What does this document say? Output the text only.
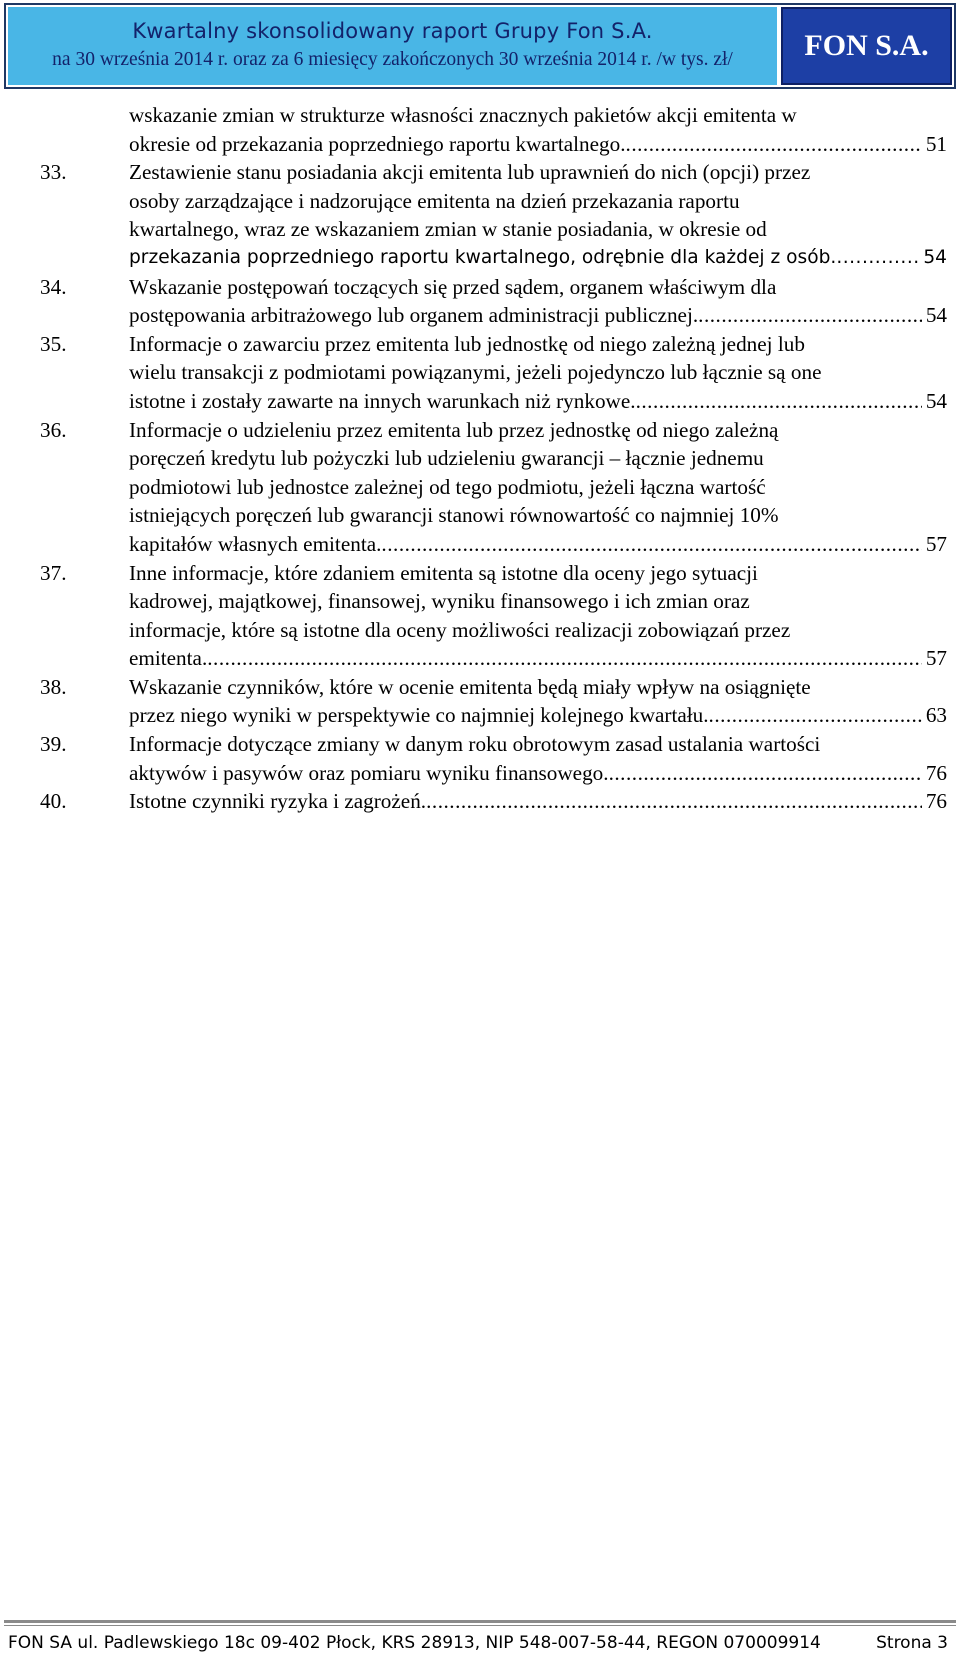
Kwartalny skonsolidowany raport Grupy Fon S.A.
na 30 września 2014 r. oraz za 6 miesięcy zakończonych 30 września 2014 r. /w tys. zł/	FON S.A.
wskazanie zmian w strukturze własności znacznych pakietów akcji emitenta w
okresie od przekazania poprzedniego raportu kwartalnego. .....	51
33.	Zestawienie stanu posiadania akcji emitenta lub uprawnień do nich (opcji) przez
osoby zarządzające i nadzorujące emitenta na dzień przekazania raportu
kwartalnego, wraz ze wskazaniem zmian w stanie posiadania, w okresie od
przekazania poprzedniego raportu kwartalnego, odrębnie dla każdej z osób. .....	54
34.	Wskazanie postępowań toczących się przed sądem, organem właściwym dla
postępowania arbitrażowego lub organem administracji publicznej. .....	54
35.	Informacje o zawarciu przez emitenta lub jednostkę od niego zależną jednej lub
wielu transakcji z podmiotami powiązanymi, jeżeli pojedynczo lub łącznie są one
istotne i zostały zawarte na innych warunkach niż rynkowe. .....	54
36.	Informacje o udzieleniu przez emitenta lub przez jednostkę od niego zależną
poręczeń kredytu lub pożyczki lub udzieleniu gwarancji – łącznie jednemu
podmiotowi lub jednostce zależnej od tego podmiotu, jeżeli łączna wartość
istniejących poręczeń lub gwarancji stanowi równowartość co najmniej 10%
kapitałów własnych emitenta. .....	57
37.	Inne informacje, które zdaniem emitenta są istotne dla oceny jego sytuacji
kadrowej, majątkowej, finansowej, wyniku finansowego i ich zmian oraz
informacje, które są istotne dla oceny możliwości realizacji zobowiązań przez
emitenta. .....	57
38.	Wskazanie czynników, które w ocenie emitenta będą miały wpływ na osiągnięte
przez niego wyniki w perspektywie co najmniej kolejnego kwartału. .....	63
39.	Informacje dotyczące zmiany w danym roku obrotowym zasad ustalania wartości
aktywów i pasywów oraz pomiaru wyniku finansowego. .....	76
40.	Istotne czynniki ryzyka i zagrożeń. .....	76
FON SA ul. Padlewskiego 18c 09-402 Płock, KRS 28913, NIP 548-007-58-44, REGON 070009914	Strona 3
